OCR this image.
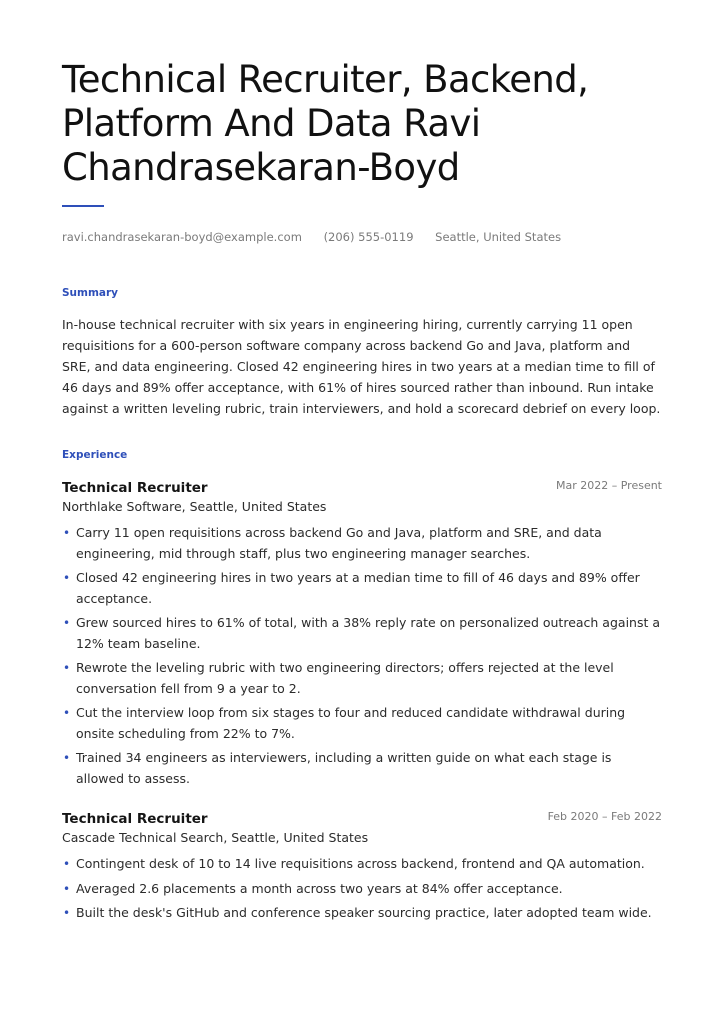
Technical Recruiter, Backend, Platform And Data Ravi Chandrasekaran-Boyd
ravi.chandrasekaran-boyd@example.com (206) 555-0119 Seattle, United States
Summary

In-house technical recruiter with six years in engineering hiring, currently carrying 11 open requisitions for a 600-person software company across backend Go and Java, platform and SRE, and data engineering. Closed 42 engineering hires in two years at a median time to fill of 46 days and 89% offer acceptance, with 61% of hires sourced rather than inbound. Run intake against a written leveling rubric, train interviewers, and hold a scorecard debrief on every loop.

Experience
Technical Recruiter	Mar 2022 – Present
Northlake Software, Seattle, United States
• Carry 11 open requisitions across backend Go and Java, platform and SRE, and data engineering, mid through staff, plus two engineering manager searches.
• Closed 42 engineering hires in two years at a median time to fill of 46 days and 89% offer acceptance.
• Grew sourced hires to 61% of total, with a 38% reply rate on personalized outreach against a 12% team baseline.
• Rewrote the leveling rubric with two engineering directors; offers rejected at the level conversation fell from 9 a year to 2.
• Cut the interview loop from six stages to four and reduced candidate withdrawal during onsite scheduling from 22% to 7%.
• Trained 34 engineers as interviewers, including a written guide on what each stage is allowed to assess.
Technical Recruiter	Feb 2020 – Feb 2022
Cascade Technical Search, Seattle, United States
• Contingent desk of 10 to 14 live requisitions across backend, frontend and QA automation.
• Averaged 2.6 placements a month across two years at 84% offer acceptance.
• Built the desk's GitHub and conference speaker sourcing practice, later adopted team wide.
